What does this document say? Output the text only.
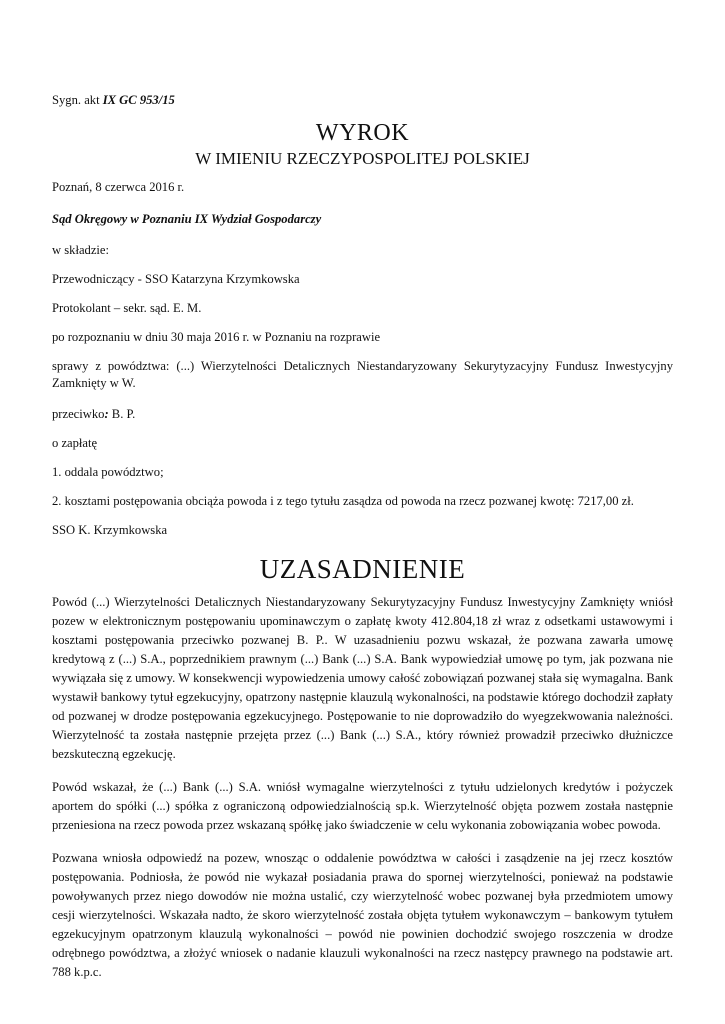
Sygn. akt IX GC 953/15

WYROK
W IMIENIU RZECZYPOSPOLITEJ POLSKIEJ

Poznań, 8 czerwca 2016 r.

Sąd Okręgowy w Poznaniu IX Wydział Gospodarczy

w składzie:

Przewodniczący - SSO Katarzyna Krzymkowska

Protokolant – sekr. sąd. E. M.

po rozpoznaniu w dniu 30 maja 2016 r. w Poznaniu na rozprawie

sprawy z powództwa: (...) Wierzytelności Detalicznych Niestandaryzowany Sekurytyzacyjny Fundusz Inwestycyjny Zamknięty w W.

przeciwko: B. P.

o zapłatę

1. oddala powództwo;

2. kosztami postępowania obciąża powoda i z tego tytułu zasądza od powoda na rzecz pozwanej kwotę: 7217,00 zł.

SSO K. Krzymkowska

UZASADNIENIE

Powód (...) Wierzytelności Detalicznych Niestandaryzowany Sekurytyzacyjny Fundusz Inwestycyjny Zamknięty wniósł pozew w elektronicznym postępowaniu upominawczym o zapłatę kwoty 412.804,18 zł wraz z odsetkami ustawowymi i kosztami postępowania przeciwko pozwanej B. P.. W uzasadnieniu pozwu wskazał, że pozwana zawarła umowę kredytową z (...) S.A., poprzednikiem prawnym (...) Bank (...) S.A. Bank wypowiedział umowę po tym, jak pozwana nie wywiązała się z umowy. W konsekwencji wypowiedzenia umowy całość zobowiązań pozwanej stała się wymagalna. Bank wystawił bankowy tytuł egzekucyjny, opatrzony następnie klauzulą wykonalności, na podstawie którego dochodził zapłaty od pozwanej w drodze postępowania egzekucyjnego. Postępowanie to nie doprowadziło do wyegzekwowania należności. Wierzytelność ta została następnie przejęta przez (...) Bank (...) S.A., który również prowadził przeciwko dłużniczce bezskuteczną egzekucję.

Powód wskazał, że (...) Bank (...) S.A. wniósł wymagalne wierzytelności z tytułu udzielonych kredytów i pożyczek aportem do spółki (...) spółka z ograniczoną odpowiedzialnością sp.k. Wierzytelność objęta pozwem została następnie przeniesiona na rzecz powoda przez wskazaną spółkę jako świadczenie w celu wykonania zobowiązania wobec powoda.

Pozwana wniosła odpowiedź na pozew, wnosząc o oddalenie powództwa w całości i zasądzenie na jej rzecz kosztów postępowania. Podniosła, że powód nie wykazał posiadania prawa do spornej wierzytelności, ponieważ na podstawie powoływanych przez niego dowodów nie można ustalić, czy wierzytelność wobec pozwanej była przedmiotem umowy cesji wierzytelności. Wskazała nadto, że skoro wierzytelność została objęta tytułem wykonawczym – bankowym tytułem egzekucyjnym opatrzonym klauzulą wykonalności – powód nie powinien dochodzić swojego roszczenia w drodze odrębnego powództwa, a złożyć wniosek o nadanie klauzuli wykonalności na rzecz następcy prawnego na podstawie art. 788 k.p.c.
